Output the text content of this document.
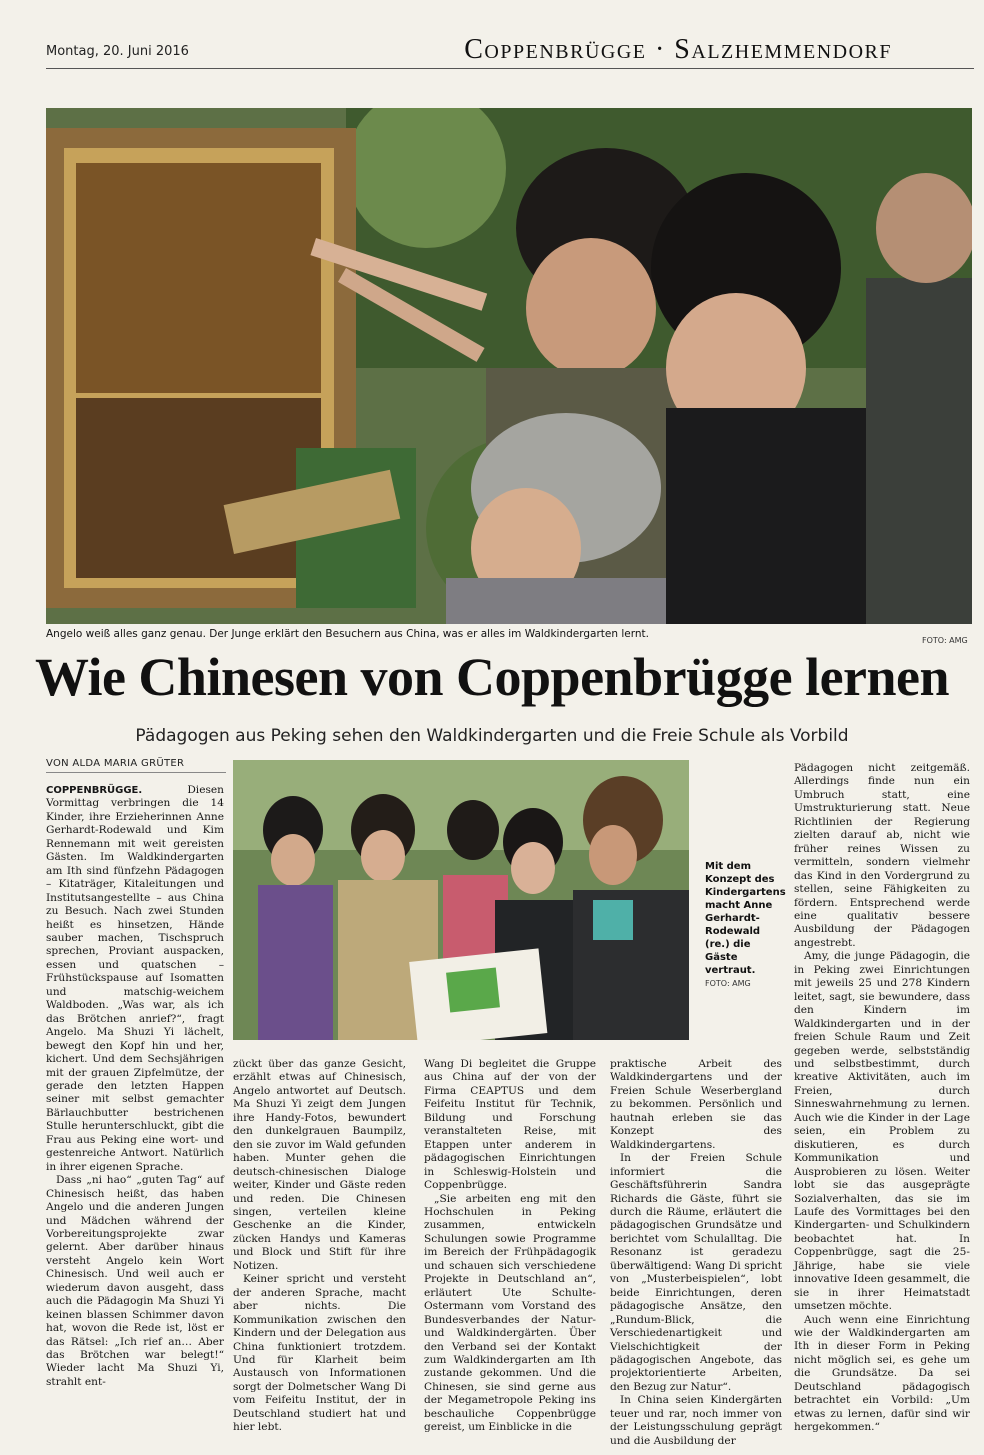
Montag, 20. Juni 2016	Coppenbrügge · Salzhemmendorf
Angelo weiß alles ganz genau. Der Junge erklärt den Besuchern aus China, was er alles im Waldkindergarten lernt.
FOTO: AMG
Wie Chinesen von Coppenbrügge lernen
Pädagogen aus Peking sehen den Waldkindergarten und die Freie Schule als Vorbild
VON ALDA MARIA GRÜTER
Mit dem Konzept des Kindergartens macht Anne Gerhardt-Rodewald (re.) die Gäste vertraut. FOTO: AMG

COPPENBRÜGGE.	Diesen Vormittag verbringen die 14 Kinder, ihre Erzieherinnen Anne Gerhardt-Rodewald und Kim Rennemann mit weit gereisten Gästen. Im Waldkindergarten am Ith sind fünfzehn Pädagogen – Kitaträger, Kitaleitungen und Institutsangestellte – aus China zu Besuch. Nach zwei Stunden heißt es hinsetzen, Hände sauber machen, Tischspruch sprechen, Proviant auspacken, essen und quatschen – Frühstückspause auf Isomatten und matschig-weichem Waldboden. „Was war, als ich das Brötchen anrief?“, fragt Angelo. Ma Shuzi Yi lächelt, bewegt den Kopf hin und her, kichert. Und dem Sechsjährigen mit der grauen Zipfelmütze, der gerade den letzten Happen seiner mit selbst gemachter Bärlauchbutter bestrichenen Stulle herunterschluckt, gibt die Frau aus Peking eine wort- und gestenreiche Antwort. Natürlich in ihrer eigenen Sprache.

Dass „ni hao“ „guten Tag“ auf Chinesisch heißt, das haben Angelo und die anderen Jungen und Mädchen während der Vorbereitungsprojekte zwar gelernt. Aber darüber hinaus versteht Angelo kein Wort Chinesisch. Und weil auch er wiederum davon ausgeht, dass auch die Pädagogin Ma Shuzi Yi keinen blassen Schimmer davon hat, wovon die Rede ist, löst er das Rätsel: „Ich rief an… Aber das Brötchen war belegt!“ Wieder lacht Ma Shuzi Yi, strahlt ent-

zückt über das ganze Gesicht, erzählt etwas auf Chinesisch, Angelo antwortet auf Deutsch. Ma Shuzi Yi zeigt dem Jungen ihre Handy-Fotos, bewundert den dunkelgrauen Baumpilz, den sie zuvor im Wald gefunden haben. Munter gehen die deutsch-chinesischen Dialoge weiter, Kinder und Gäste reden und reden. Die Chinesen singen, verteilen kleine Geschenke an die Kinder, zücken Handys und Kameras und Block und Stift für ihre Notizen.

Keiner spricht und versteht der anderen Sprache, macht aber nichts. Die Kommunikation zwischen den Kindern und der Delegation aus China funktioniert trotzdem. Und für Klarheit beim Austausch von Informationen sorgt der Dolmetscher Wang Di vom Feifeitu Institut, der in Deutschland studiert hat und hier lebt.

Wang Di begleitet die Gruppe aus China auf der von der Firma CEAPTUS und dem Feifeitu Institut für Technik, Bildung und Forschung veranstalteten Reise, mit Etappen unter anderem in pädagogischen Einrichtungen in Schleswig-Holstein und Coppenbrügge.

„Sie arbeiten eng mit den Hochschulen in Peking zusammen, entwickeln Schulungen sowie Programme im Bereich der Frühpädagogik und schauen sich verschiedene Projekte in Deutschland an“, erläutert Ute Schulte-Ostermann vom Vorstand des Bundesverbandes der Natur- und Waldkindergärten. Über den Verband sei der Kontakt zum Waldkindergarten am Ith zustande gekommen. Und die Chinesen, sie sind gerne aus der Megametropole Peking ins beschauliche Coppenbrügge gereist, um Einblicke in die

praktische Arbeit des Waldkindergartens und der Freien Schule Weserbergland zu bekommen. Persönlich und hautnah erleben sie das Konzept des Waldkindergartens.

In der Freien Schule informiert die Geschäftsführerin Sandra Richards die Gäste, führt sie durch die Räume, erläutert die pädagogischen Grundsätze und berichtet vom Schulalltag. Die Resonanz ist geradezu überwältigend: Wang Di spricht von „Musterbeispielen“, lobt beide Einrichtungen, deren pädagogische Ansätze, den „Rundum-Blick, die Verschiedenartigkeit und Vielschichtigkeit der pädagogischen Angebote, das projektorientierte Arbeiten, den Bezug zur Natur“.

In China seien Kindergärten teuer und rar, noch immer von der Leistungsschulung geprägt und die Ausbildung der

Pädagogen nicht zeitgemäß. Allerdings finde nun ein Umbruch statt, eine Umstrukturierung statt. Neue Richtlinien der Regierung zielten darauf ab, nicht wie früher reines Wissen zu vermitteln, sondern vielmehr das Kind in den Vordergrund zu stellen, seine Fähigkeiten zu fördern. Entsprechend werde eine qualitativ bessere Ausbildung der Pädagogen angestrebt.

Amy, die junge Pädagogin, die in Peking zwei Einrichtungen mit jeweils 25 und 278 Kindern leitet, sagt, sie bewundere, dass den Kindern im Waldkindergarten und in der freien Schule Raum und Zeit gegeben werde, selbstständig und selbstbestimmt, durch kreative Aktivitäten, auch im Freien, durch Sinneswahrnehmung zu lernen. Auch wie die Kinder in der Lage seien, ein Problem zu diskutieren, es durch Kommunikation und Ausprobieren zu lösen. Weiter lobt sie das ausgeprägte Sozialverhalten, das sie im Laufe des Vormittages bei den Kindergarten- und Schulkindern beobachtet hat. In Coppenbrügge, sagt die 25-Jährige, habe sie viele innovative Ideen gesammelt, die sie in ihrer Heimatstadt umsetzen möchte.

Auch wenn eine Einrichtung wie der Waldkindergarten am Ith in dieser Form in Peking nicht möglich sei, es gehe um die Grundsätze. Da sei Deutschland pädagogisch betrachtet ein Vorbild: „Um etwas zu lernen, dafür sind wir hergekommen.“
